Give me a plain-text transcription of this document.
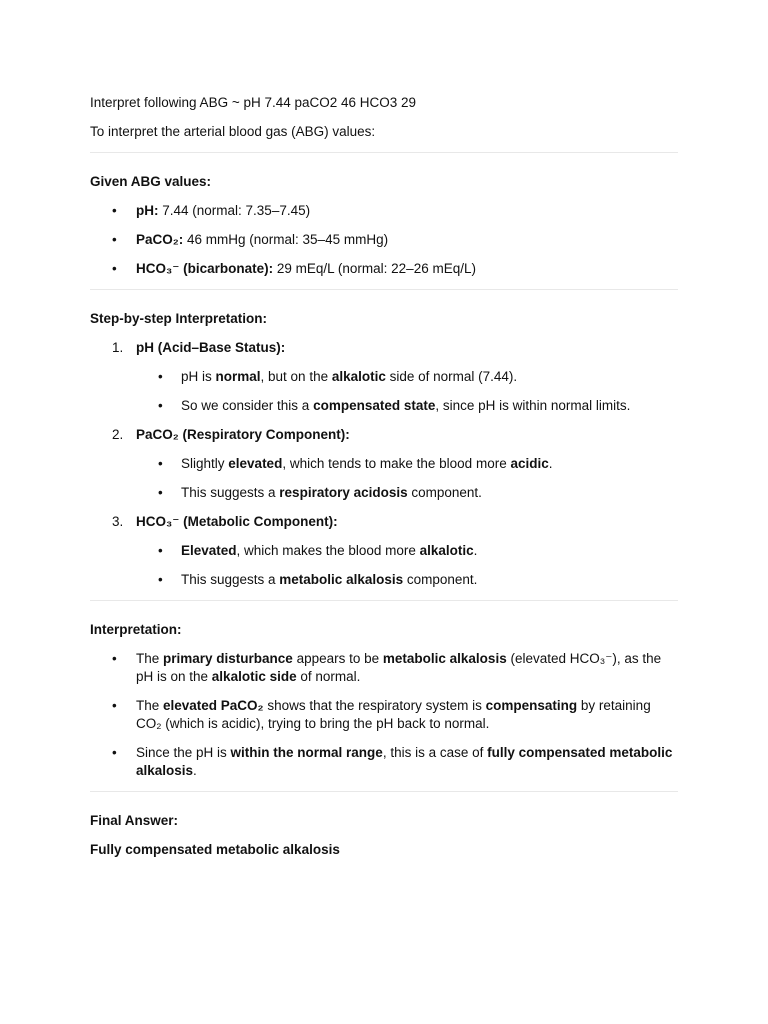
Interpret following ABG ~ pH 7.44 paCO2 46 HCO3 29

To interpret the arterial blood gas (ABG) values:

Given ABG values:
• pH: 7.44 (normal: 7.35–7.45)
• PaCO₂: 46 mmHg (normal: 35–45 mmHg)
• HCO₃⁻ (bicarbonate): 29 mEq/L (normal: 22–26 mEq/L)
Step-by-step Interpretation:
1. pH (Acid–Base Status):
• pH is normal, but on the alkalotic side of normal (7.44).
• So we consider this a compensated state, since pH is within normal limits.
2. PaCO₂ (Respiratory Component):
• Slightly elevated, which tends to make the blood more acidic.
• This suggests a respiratory acidosis component.
3. HCO₃⁻ (Metabolic Component):
• Elevated, which makes the blood more alkalotic.
• This suggests a metabolic alkalosis component.
Interpretation:
• The primary disturbance appears to be metabolic alkalosis (elevated HCO₃⁻), as the pH is on the alkalotic side of normal.
• The elevated PaCO₂ shows that the respiratory system is compensating by retaining CO₂ (which is acidic), trying to bring the pH back to normal.
• Since the pH is within the normal range, this is a case of fully compensated metabolic alkalosis.
Final Answer:

Fully compensated metabolic alkalosis
